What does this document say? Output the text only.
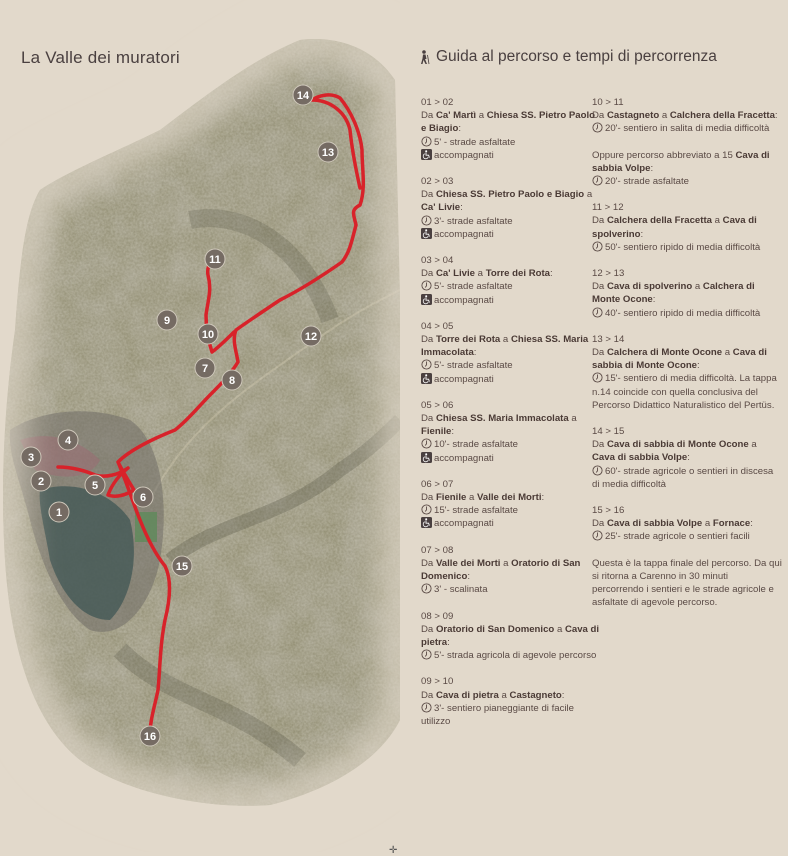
1
2
3
4
5
6
7
8
9
10
11
12
13
14
15
16
La Valle dei muratori	Guida al percorso e tempi di percorrenza
01 > 02
Da Ca' Martì a Chiesa SS. Pietro Paolo e Biagio:
5' - strade asfaltate
accompagnati
02 > 03
Da Chiesa SS. Pietro Paolo e Biagio a Ca' Livie:
3'- strade asfaltate
accompagnati
03 > 04
Da Ca' Livie a Torre dei Rota:
5'- strade asfaltate
accompagnati
04 > 05
Da Torre dei Rota a Chiesa SS. Maria Immacolata:
5'- strade asfaltate
accompagnati
05 > 06
Da Chiesa SS. Maria Immacolata a Fienile:
10'- strade asfaltate
accompagnati
06 > 07
Da Fienile a Valle dei Morti:
15'- strade asfaltate
accompagnati
07 > 08
Da Valle dei Morti a Oratorio di San Domenico:
3' - scalinata
08 > 09
Da Oratorio di San Domenico a Cava di pietra:
5'- strada agricola di agevole percorso
09 > 10
Da Cava di pietra a Castagneto:
3'- sentiero pianeggiante di facile utilizzo
10 > 11
Da Castagneto a Calchera della Fracetta:
20'- sentiero in salita di media difficoltà
Oppure percorso abbreviato a 15 Cava di sabbia Volpe:
20'- strade asfaltate
11 > 12
Da Calchera della Fracetta a Cava di spolverino:
50'- sentiero ripido di media difficoltà
12 > 13
Da Cava di spolverino a Calchera di Monte Ocone:
40'- sentiero ripido di media difficoltà
13 > 14
Da Calchera di Monte Ocone a Cava di sabbia di Monte Ocone:
15'- sentiero di media difficoltà. La tappa n.14 coincide con quella conclusiva del Percorso Didattico Naturalistico del Pertüs.
14 > 15
Da Cava di sabbia di Monte Ocone a Cava di sabbia Volpe:
60'- strade agricole o sentieri in discesa di media difficoltà
15 > 16
Da Cava di sabbia Volpe a Fornace:
25'- strade agricole o sentieri facili
Questa è la tappa finale del percorso. Da qui si ritorna a Carenno in 30 minuti percorrendo i sentieri e le strade agricole e asfaltate di agevole percorso.
✛
